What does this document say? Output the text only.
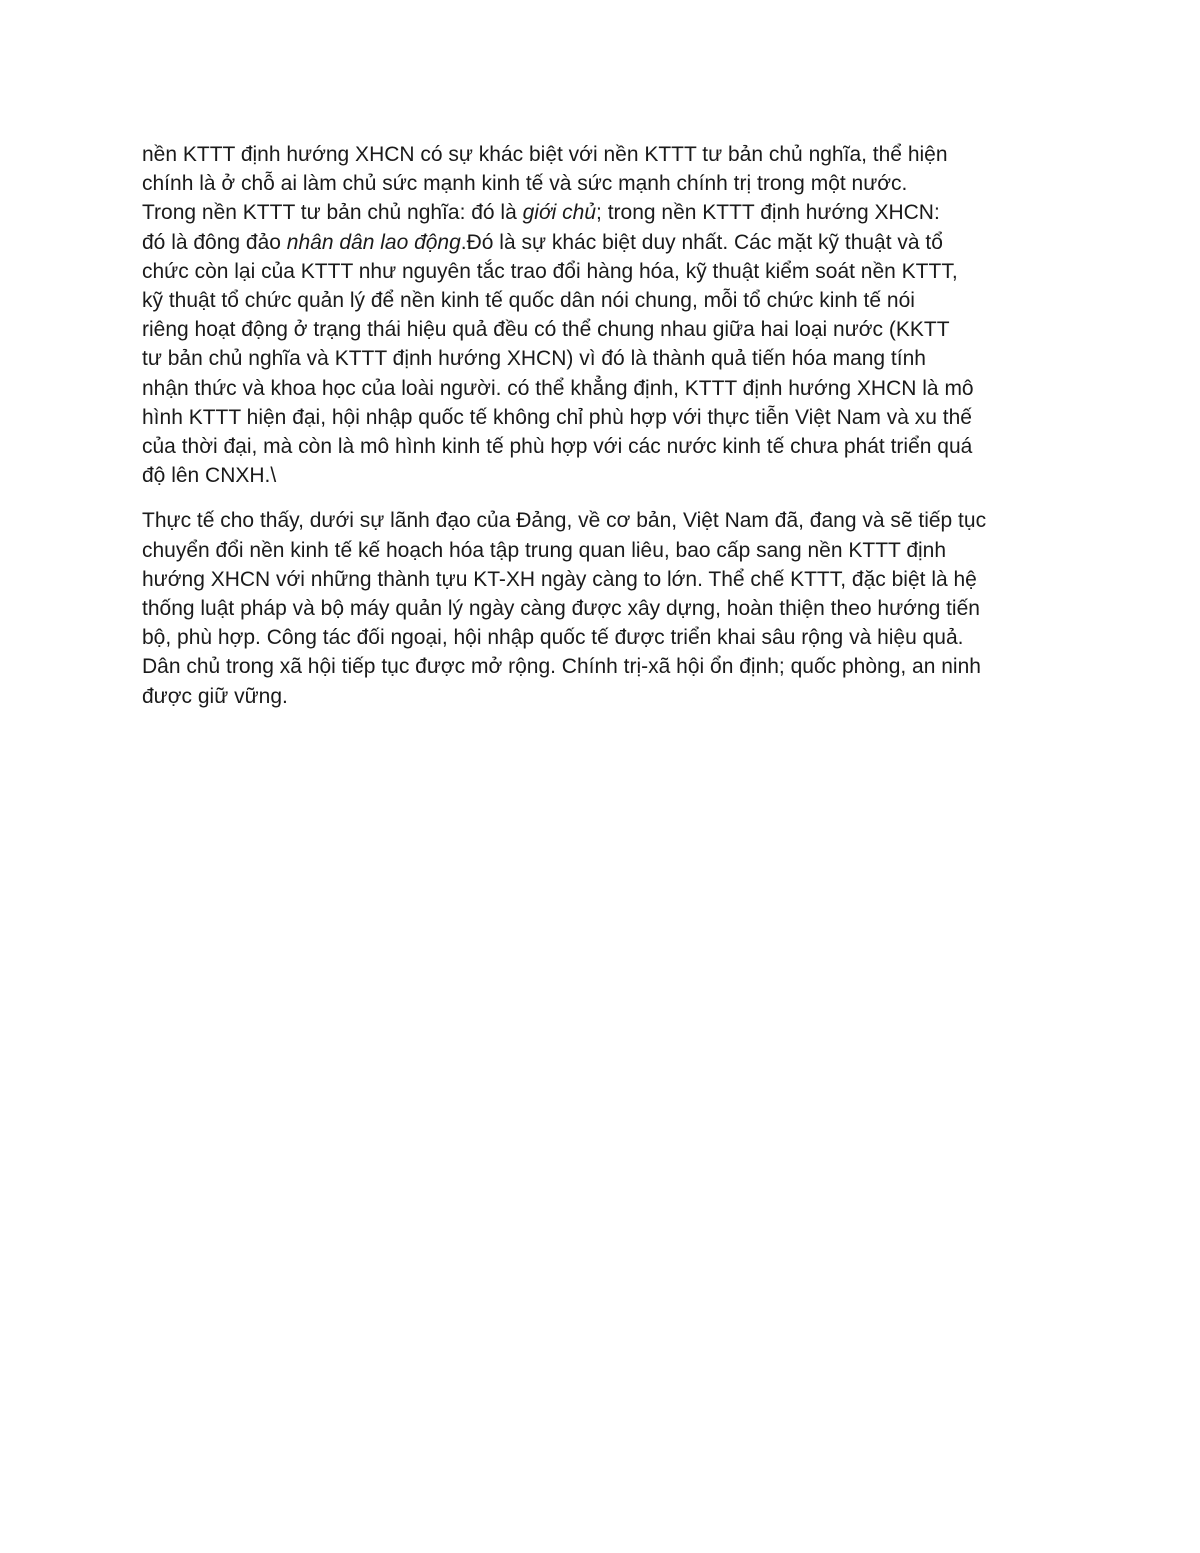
nền KTTT định hướng XHCN có sự khác biệt với nền KTTT tư bản chủ nghĩa, thể hiện
chính là ở chỗ ai làm chủ sức mạnh kinh tế và sức mạnh chính trị trong một nước.
Trong nền KTTT tư bản chủ nghĩa: đó là giới chủ; trong nền KTTT định hướng XHCN:
đó là đông đảo nhân dân lao động.Đó là sự khác biệt duy nhất. Các mặt kỹ thuật và tổ
chức còn lại của KTTT như nguyên tắc trao đổi hàng hóa, kỹ thuật kiểm soát nền KTTT,
kỹ thuật tổ chức quản lý để nền kinh tế quốc dân nói chung, mỗi tổ chức kinh tế nói
riêng hoạt động ở trạng thái hiệu quả đều có thể chung nhau giữa hai loại nước (KKTT
tư bản chủ nghĩa và KTTT định hướng XHCN) vì đó là thành quả tiến hóa mang tính
nhận thức và khoa học của loài người. có thể khẳng định, KTTT định hướng XHCN là mô
hình KTTT hiện đại, hội nhập quốc tế không chỉ phù hợp với thực tiễn Việt Nam và xu thế
của thời đại, mà còn là mô hình kinh tế phù hợp với các nước kinh tế chưa phát triển quá
độ lên CNXH.\

Thực tế cho thấy, dưới sự lãnh đạo của Đảng, về cơ bản, Việt Nam đã, đang và sẽ tiếp tục
chuyển đổi nền kinh tế kế hoạch hóa tập trung quan liêu, bao cấp sang nền KTTT định
hướng XHCN với những thành tựu KT-XH ngày càng to lớn. Thể chế KTTT, đặc biệt là hệ
thống luật pháp và bộ máy quản lý ngày càng được xây dựng, hoàn thiện theo hướng tiến
bộ, phù hợp. Công tác đối ngoại, hội nhập quốc tế được triển khai sâu rộng và hiệu quả.
Dân chủ trong xã hội tiếp tục được mở rộng. Chính trị-xã hội ổn định; quốc phòng, an ninh
được giữ vững.
